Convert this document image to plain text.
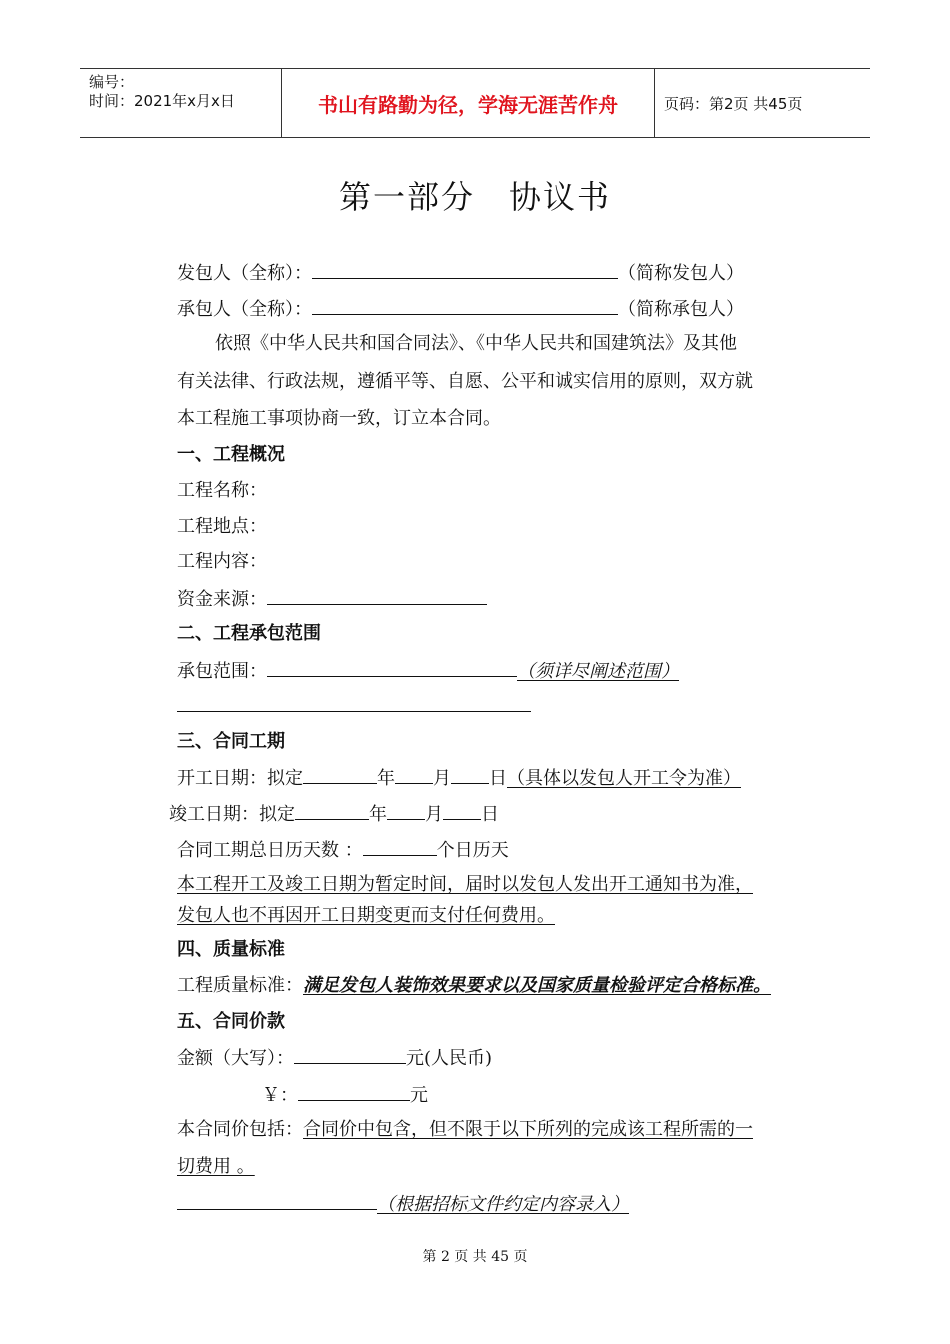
编号：
时间：2021年x月x日	书山有路勤为径，学海无涯苦作舟	页码：第2页 共45页
第一部分　协议书
发包人（全称）：	（简称发包人）
承包人（全称）：	（简称承包人）
依照《中华人民共和国合同法》、《中华人民共和国建筑法》及其他
有关法律、行政法规，遵循平等、自愿、公平和诚实信用的原则，双方就
本工程施工事项协商一致，订立本合同。
一、工程概况
工程名称：
工程地点：
工程内容：
资金来源：
二、工程承包范围
承包范围：	（须详尽阐述范围）
三、合同工期
开工日期：拟定	年 月 日（具体以发包人开工令为准）
竣工日期：拟定	年 月 日
合同工期总日历天数 ：	个日历天
本工程开工及竣工日期为暂定时间，届时以发包人发出开工通知书为准，
发包人也不再因开工日期变更而支付任何费用。
四、质量标准
工程质量标准：满足发包人装饰效果要求以及国家质量检验评定合格标准。
五、合同价款
金额（大写）：	元(人民币)
￥：	元
本合同价包括：合同价中包含，但不限于以下所列的完成该工程所需的一
切费用 。
（根据招标文件约定内容录入）
第 2 页 共 45 页
